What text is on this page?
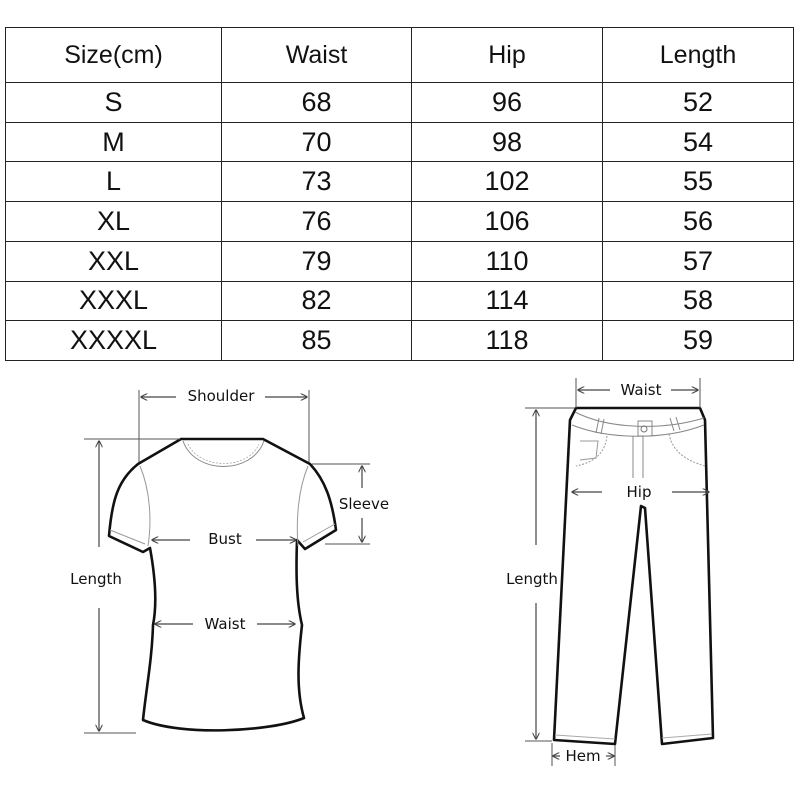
Size(cm)	Waist	Hip	Length
S	68	96	52
M	70	98	54
L	73	102	55
XL	76	106	56
XXL	79	110	57
XXXL	82	114	58
XXXXL	85	118	59
Shoulder
Sleeve
Bust
Waist
Length
Waist
Hip
Length
Hem
